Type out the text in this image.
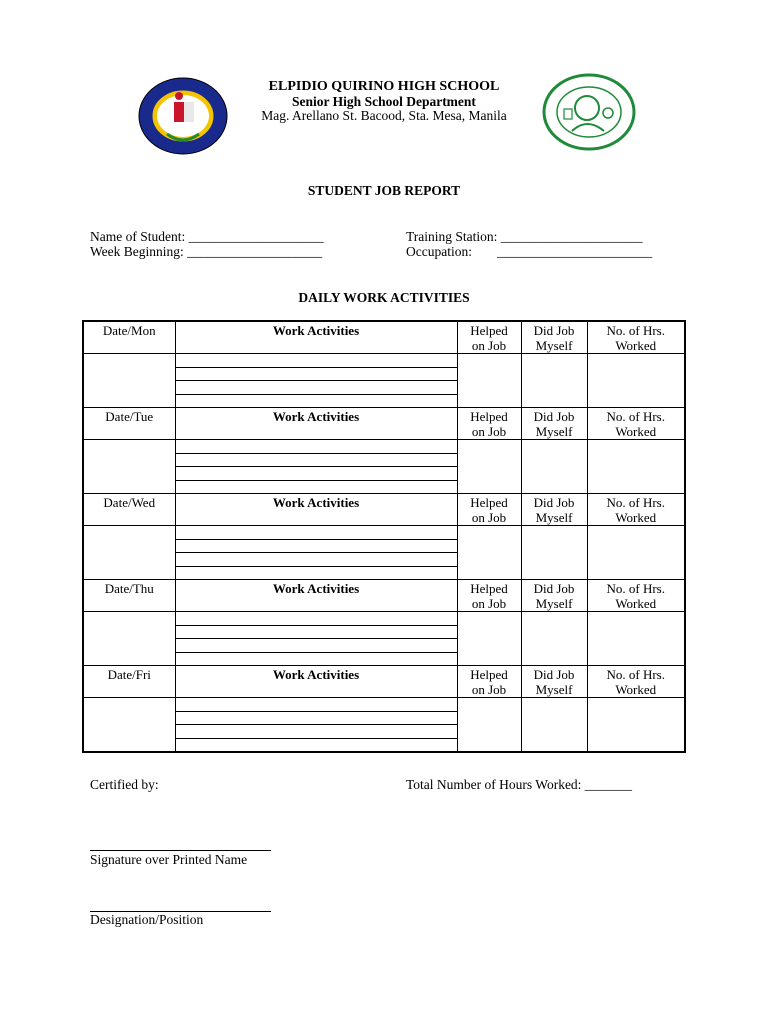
ELPIDIO QUIRINO HIGH SCHOOL
Senior High School Department
Mag. Arellano St. Bacood, Sta. Mesa, Manila
STUDENT JOB REPORT
Name of Student: ____________________
Week Beginning: ____________________
Training Station: _____________________
Occupation: _______________________
DAILY WORK ACTIVITIES
Date/Mon	Work Activities	Helped
on Job	Did Job
Myself	No. of Hrs.
Worked

Date/Tue	Work Activities	Helped
on Job	Did Job
Myself	No. of Hrs.
Worked

Date/Wed	Work Activities	Helped
on Job	Did Job
Myself	No. of Hrs.
Worked

Date/Thu	Work Activities	Helped
on Job	Did Job
Myself	No. of Hrs.
Worked

Date/Fri	Work Activities	Helped
on Job	Did Job
Myself	No. of Hrs.
Worked

Certified by:	Total Number of Hours Worked: _______
Signature over Printed Name
Designation/Position
